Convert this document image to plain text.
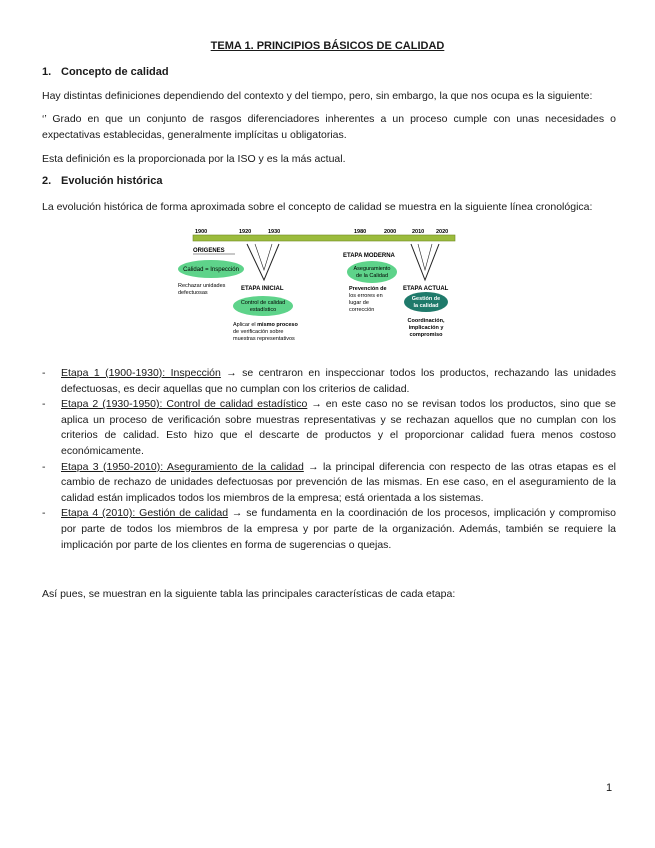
TEMA 1. PRINCIPIOS BÁSICOS DE CALIDAD
1. Concepto de calidad
Hay distintas definiciones dependiendo del contexto y del tiempo, pero, sin embargo, la que nos ocupa es la siguiente:
‘’ Grado en que un conjunto de rasgos diferenciadores inherentes a un proceso cumple con unas necesidades o expectativas establecidas, generalmente implícitas u obligatorias.
Esta definición es la proporcionada por la ISO y es la más actual.
2. Evolución histórica
La evolución histórica de forma aproximada sobre el concepto de calidad se muestra en la siguiente línea cronológica:
1900	1920	1930	1980	2000	2010 2020
ORIGENES
Calidad = Inspección
Rechazar unidades
defectuosas
ETAPA INICIAL
Control de calidad
estadístico
Aplicar el mismo proceso
de verificación sobre
muestras representativos
ETAPA MODERNA
Aseguramiento
de la Calidad
Prevención de
los errores en
lugar de
corrección
ETAPA ACTUAL
Gestión de
la calidad
Coordinación,
implicación y
compromiso
-	Etapa 1 (1900-1930): Inspección → se centraron en inspeccionar todos los productos, rechazando las unidades defectuosas, es decir aquellas que no cumplan con los criterios de calidad.
-	Etapa 2 (1930-1950): Control de calidad estadístico → en este caso no se revisan todos los productos, sino que se aplica un proceso de verificación sobre muestras representativas y se rechazan aquellos que no cumplan con los criterios de calidad. Esto hizo que el descarte de productos y el proporcionar calidad fuera menos costoso económicamente.
-	Etapa 3 (1950-2010): Aseguramiento de la calidad → la principal diferencia con respecto de las otras etapas es el cambio de rechazo de unidades defectuosas por prevención de las mismas. En ese caso, en el aseguramiento de la calidad están implicados todos los miembros de la empresa; está orientada a los sistemas.
-	Etapa 4 (2010): Gestión de calidad → se fundamenta en la coordinación de los procesos, implicación y compromiso por parte de todos los miembros de la empresa y por parte de la organización. Además, también se requiere la implicación por parte de los clientes en forma de sugerencias o quejas.
Así pues, se muestran en la siguiente tabla las principales características de cada etapa:
1
